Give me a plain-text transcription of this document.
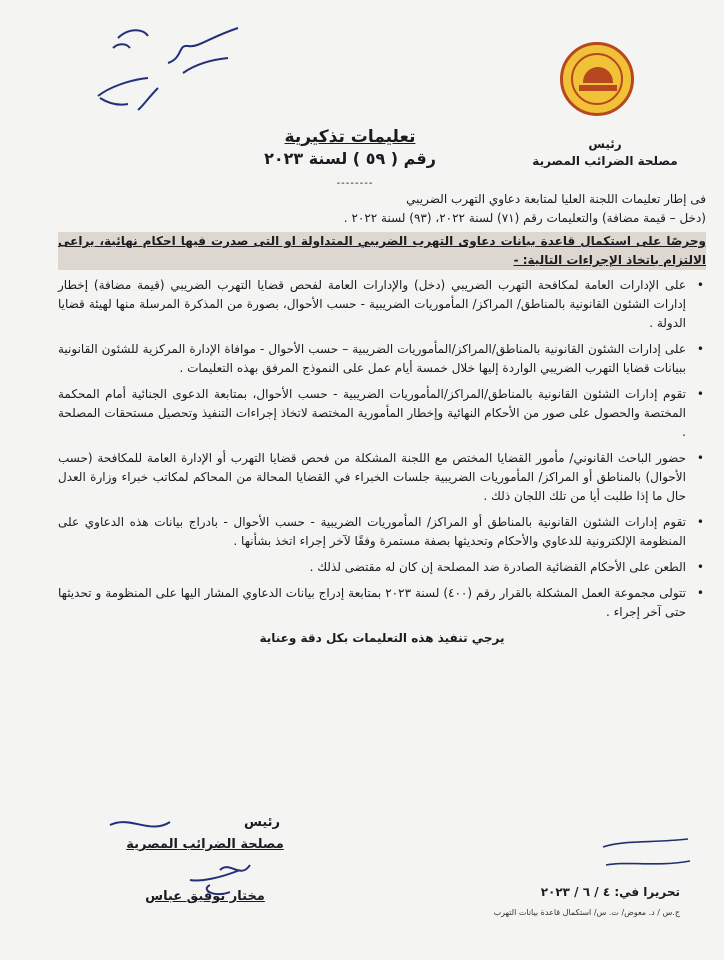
رئيس
مصلحة الضرائب المصرية
تعليمات تذكيرية
رقم ( ٥٩ ) لسنة ٢٠٢٣
--------

فى إطار تعليمات اللجنة العليا لمتابعة دعاوي التهرب الضريبي

(دخل – قيمة مضافة) والتعليمات رقم (٧١) لسنة ٢٠٢٢، (٩٣) لسنة ٢٠٢٢ .

وحرصًا على استكمال قاعدة بيانات دعاوى التهرب الضريبي المتداولة او التى صدرت فيها احكام نهائية، يراعى الالتزام باتخاذ الإجراءات التالية: -
•
على الإدارات العامة لمكافحة التهرب الضريبي (دخل) والإدارات العامة لفحص قضايا التهرب الضريبي (قيمة مضافة) إخطار إدارات الشئون القانونية بالمناطق/ المراكز/ المأموريات الضريبية - حسب الأحوال، بصورة من المذكرة المرسلة منها لهيئة قضايا الدولة .
•
على إدارات الشئون القانونية بالمناطق/المراكز/المأموريات الضريبية – حسب الأحوال - موافاة الإدارة المركزية للشئون القانونية ببيانات قضايا التهرب الضريبي الواردة إليها خلال خمسة أيام عمل على النموذج المرفق بهذه التعليمات .
•
تقوم إدارات الشئون القانونية بالمناطق/المراكز/المأموريات الضريبية - حسب الأحوال، بمتابعة الدعوى الجنائية أمام المحكمة المختصة والحصول على صور من الأحكام النهائية وإخطار المأمورية المختصة لاتخاذ إجراءات التنفيذ وتحصيل مستحقات المصلحة .
•
حضور الباحث القانوني/ مأمور القضايا المختص مع اللجنة المشكلة من فحص قضايا التهرب أو الإدارة العامة للمكافحة (حسب الأحوال) بالمناطق أو المراكز/ المأموريات الضريبية جلسات الخبراء في القضايا المحالة من المحاكم لمكاتب خبراء وزارة العدل حال ما إذا طلبت أيا من تلك اللجان ذلك .
•
تقوم إدارات الشئون القانونية بالمناطق أو المراكز/ المأموريات الضريبية - حسب الأحوال - بادراج بيانات هذه الدعاوي على المنظومة الإلكترونية للدعاوي والأحكام وتحديثها بصفة مستمرة وفقًا لآخر إجراء اتخذ بشأنها .
•
الطعن على الأحكام القضائية الصادرة ضد المصلحة إن كان له مقتضى لذلك .
•
تتولى مجموعة العمل المشكلة بالقرار رقم (٤٠٠) لسنة ٢٠٢٣ بمتابعة إدراج بيانات الدعاوي المشار اليها على المنظومة و تحديثها حتى آخر إجراء .
يرجي تنفيذ هذه التعليمات بكل دقة وعناية
رئيس
مصلحة الضرائب المصرية
مختار توفيق عباس	تحريرا في: ٤ / ٦ / ٢٠٢٣
ج.س / د. معوض/ ت. س/ استكمال قاعدة بيانات التهرب
